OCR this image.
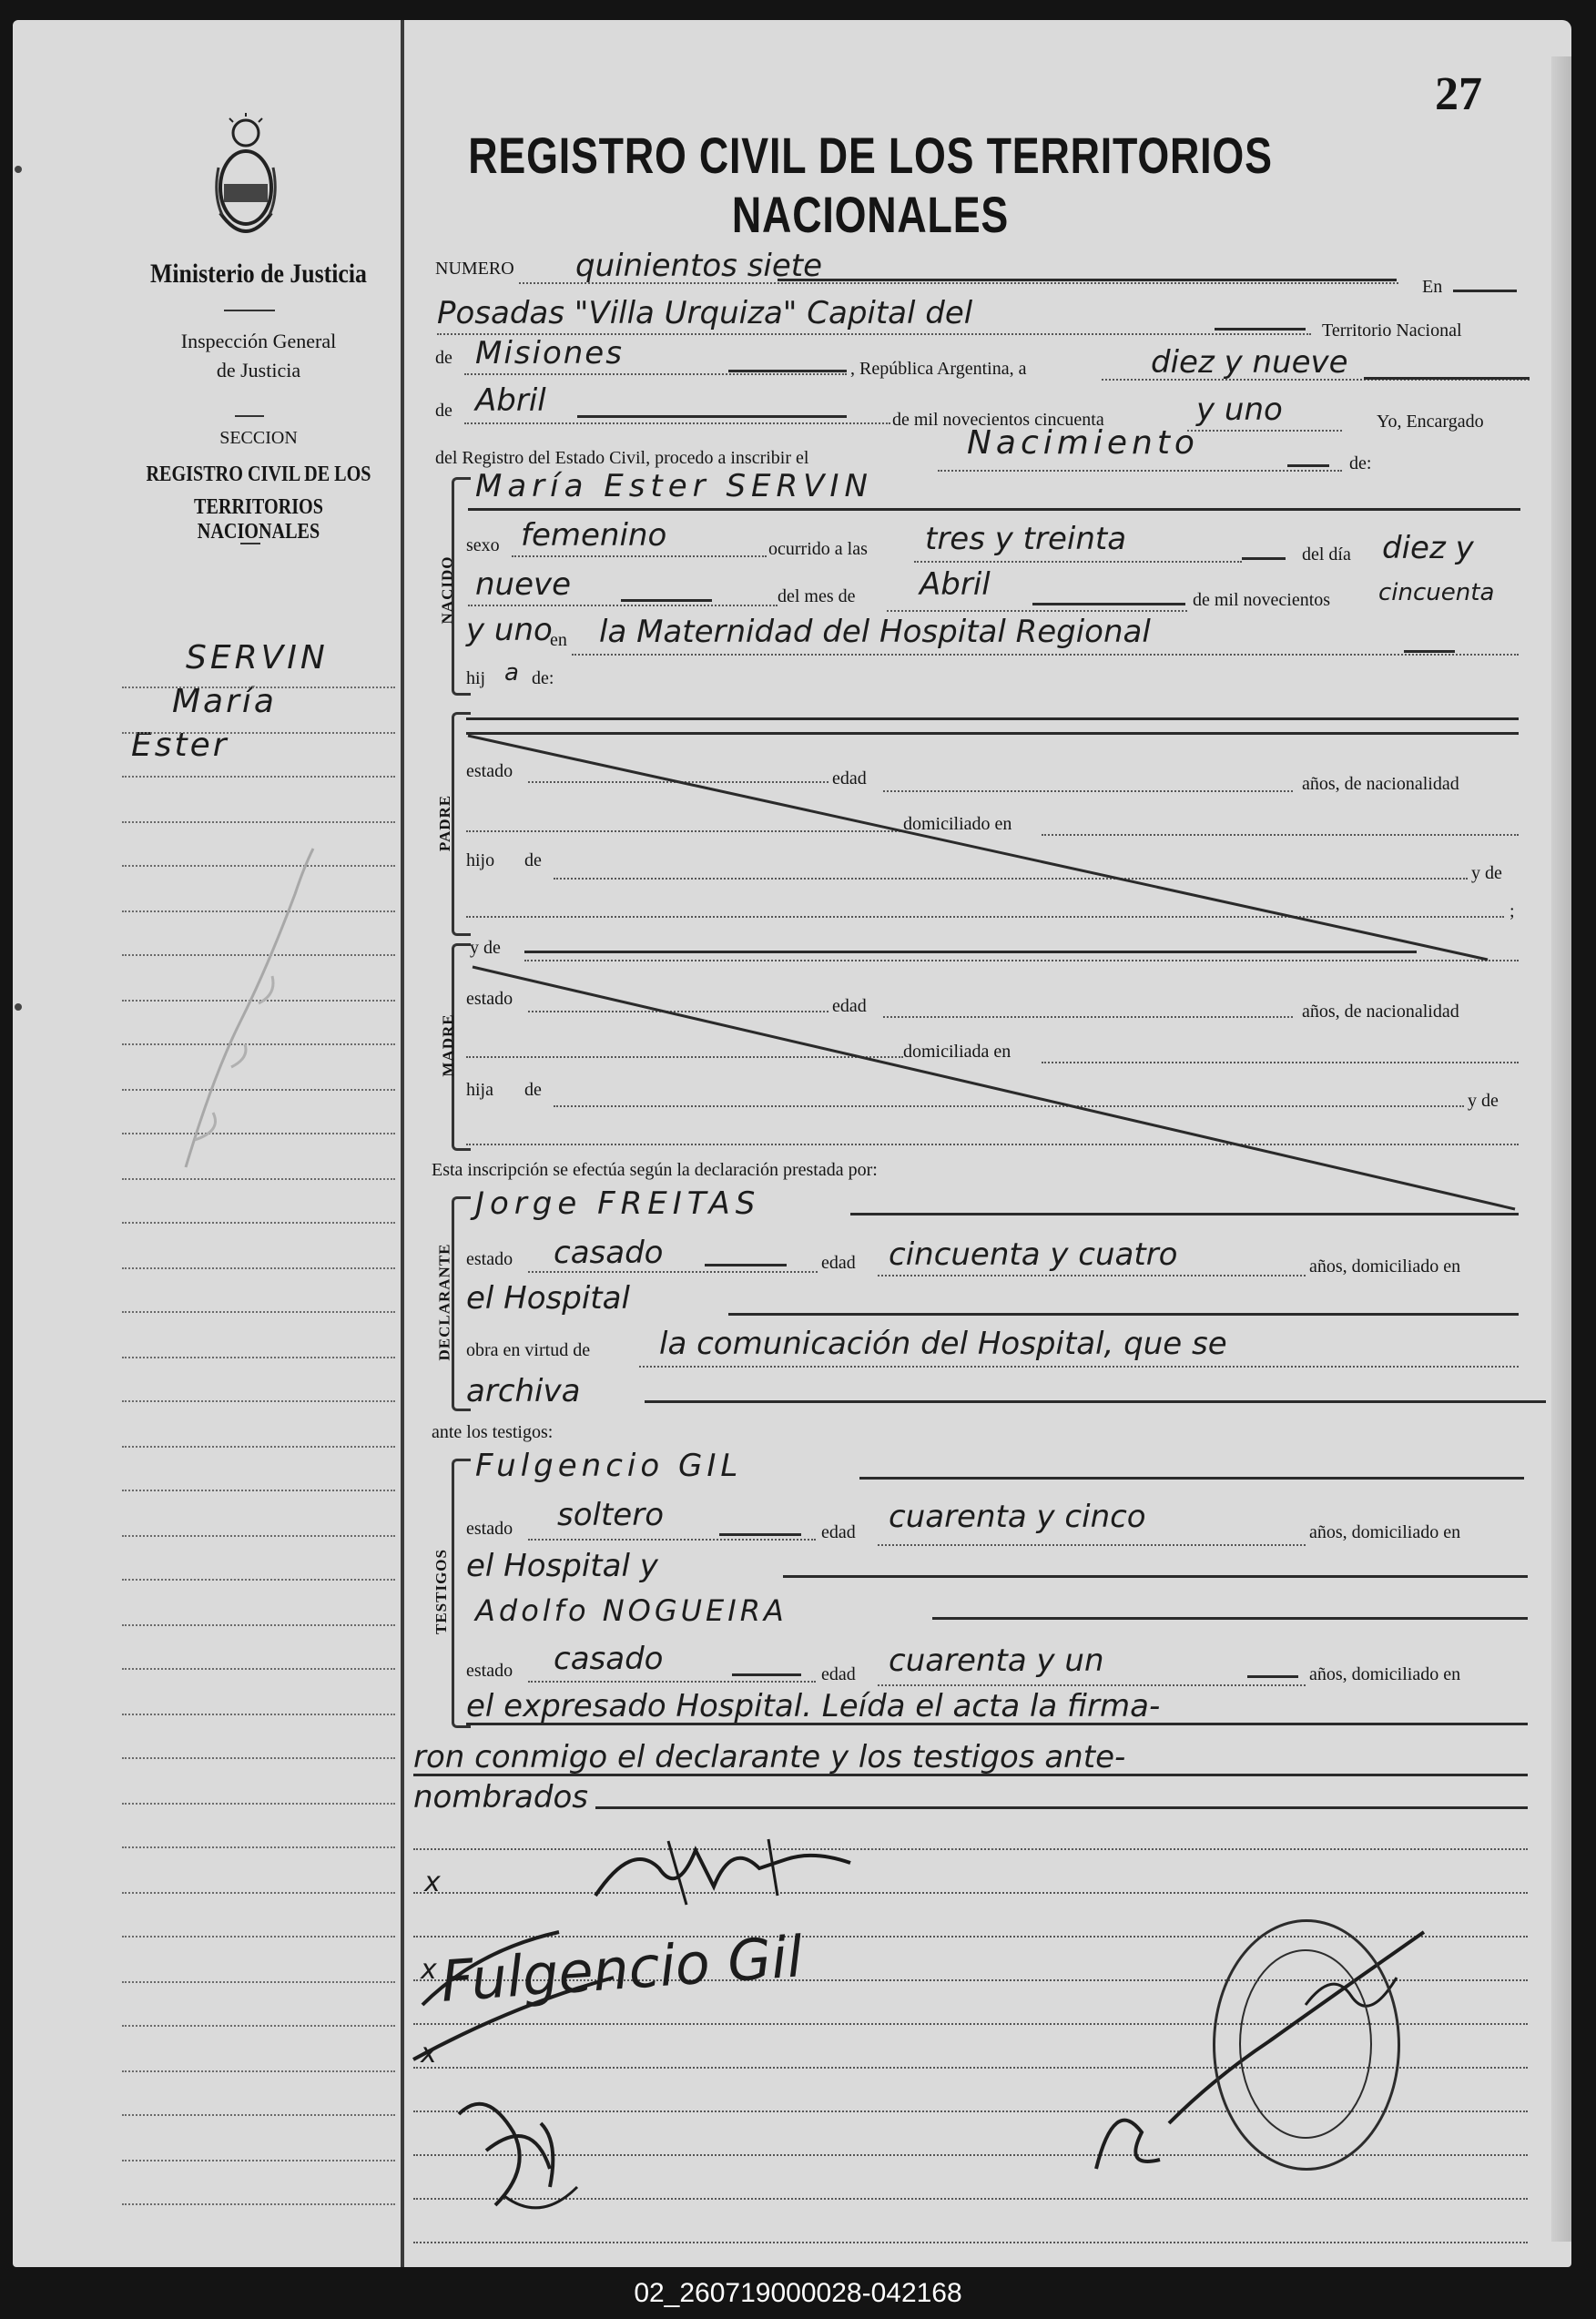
Ministerio de Justicia
Inspección General
de Justicia
SECCION
REGISTRO CIVIL DE LOS
TERRITORIOS NACIONALES
SERVIN
María
Ester
27
REGISTRO CIVIL DE LOS TERRITORIOS NACIONALES
NUMERO quinientos siete
En
Posadas "Villa Urquiza" Capital del	Territorio Nacional
de Misiones	, República Argentina, a	diez y nueve
de Abril
de mil novecientos cincuenta	y uno	Yo, Encargado
del Registro del Estado Civil, procedo a inscribir el	Nacimiento
de:
NACIDO
María Ester SERVIN
sexo femenino	ocurrido a las tres y treinta	del día diez y
nueve	del mes de Abril	de mil novecientos cincuenta
y uno
en la Maternidad del Hospital Regional
hij a de:
PADRE
estado	edad	años, de nacionalidad
domiciliado en
hijo de
y de
;
MADRE
y de
estado	edad	años, de nacionalidad
domiciliada en
hija de
y de
Esta inscripción se efectúa según la declaración prestada por:
DECLARANTE
Jorge FREITAS
estado casado	edad cincuenta y cuatro	años, domiciliado en
el Hospital
obra en virtud de la comunicación del Hospital, que se
archiva
ante los testigos:
TESTIGOS
Fulgencio GIL
estado soltero	edad cuarenta y cinco	años, domiciliado en
el Hospital y
Adolfo NOGUEIRA
estado casado	edad cuarenta y un	años, domiciliado en
el expresado Hospital. Leída el acta la firma-
ron conmigo el declarante y los testigos ante-
nombrados
x
x
x
Fulgencio Gil
02_260719000028-042168
